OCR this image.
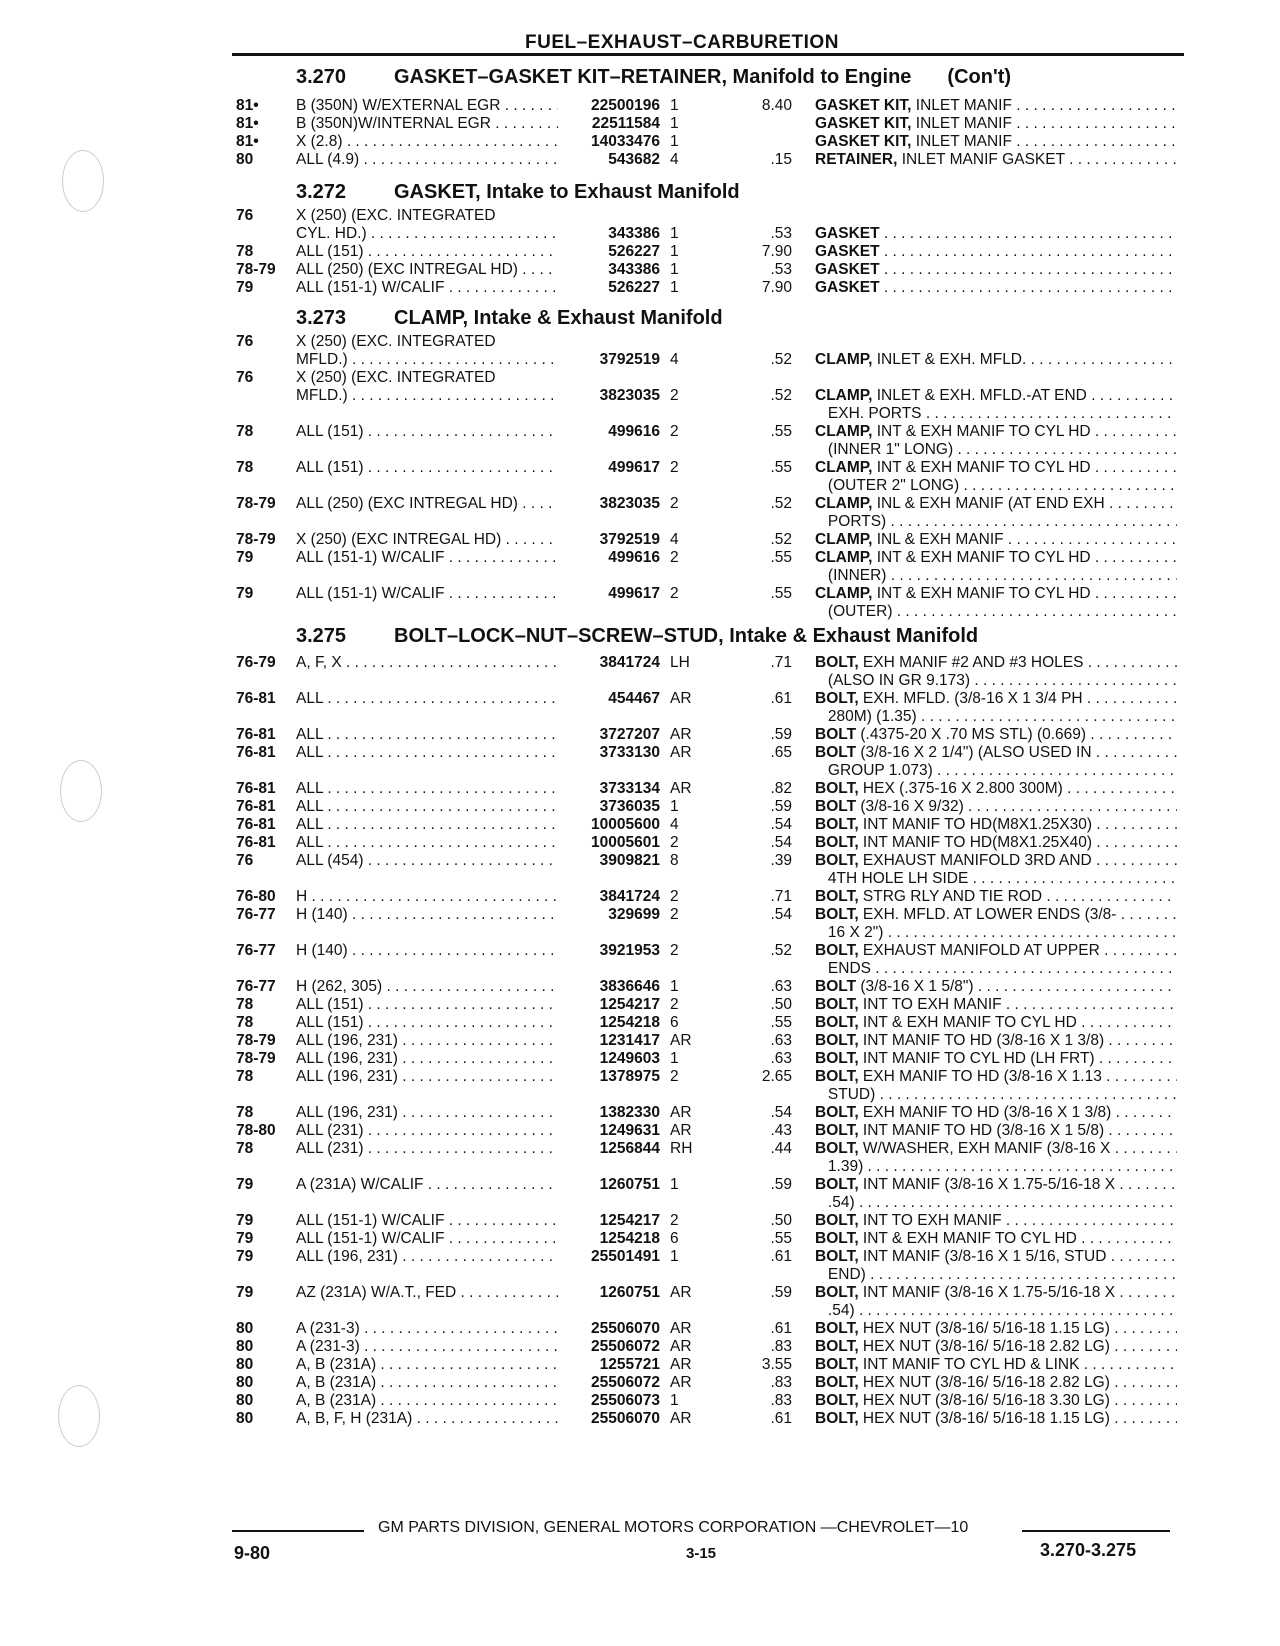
FUEL–EXHAUST–CARBURETION
3.270 GASKET–GASKET KIT–RETAINER, Manifold to Engine (Con't)
3.272 GASKET, Intake to Exhaust Manifold
3.273 CLAMP, Intake & Exhaust Manifold
3.275 BOLT–LOCK–NUT–SCREW–STUD, Intake & Exhaust Manifold
81• B (350N) W/EXTERNAL EGR . . .	22500196 1	8.40 GASKET KIT, INLET MANIF . . .
81• B (350N)W/INTERNAL EGR . . .	22511584 1	GASKET KIT, INLET MANIF . . .
81• X (2.8) . . .	14033476 1	GASKET KIT, INLET MANIF . . .
80	ALL (4.9) . . .	543682 4	.15 RETAINER, INLET MANIF GASKET . . .
76	X (250) (EXC. INTEGRATED
CYL. HD.) . . .	343386 1	.53 GASKET . . .
78	ALL (151) . . .	526227 1	7.90 GASKET . . .
78-79 ALL (250) (EXC INTREGAL HD) . . .	343386 1	.53 GASKET . . .
79	ALL (151-1) W/CALIF . . .	526227 1	7.90 GASKET . . .
76	X (250) (EXC. INTEGRATED
MFLD.) . . .	3792519 4	.52 CLAMP, INLET & EXH. MFLD. . . .
76	X (250) (EXC. INTEGRATED
MFLD.) . . .	3823035 2	.52 CLAMP, INLET & EXH. MFLD.-AT END . . .
EXH. PORTS . . .
78	ALL (151) . . .	499616 2	.55 CLAMP, INT & EXH MANIF TO CYL HD . . .
(INNER 1" LONG) . . .
78	ALL (151) . . .	499617 2	.55 CLAMP, INT & EXH MANIF TO CYL HD . . .
(OUTER 2" LONG) . . .
78-79 ALL (250) (EXC INTREGAL HD) . . .	3823035 2	.52 CLAMP, INL & EXH MANIF (AT END EXH . . .
PORTS) . . .
78-79 X (250) (EXC INTREGAL HD) . . .	3792519 4	.52 CLAMP, INL & EXH MANIF . . .
79	ALL (151-1) W/CALIF . . .	499616 2	.55 CLAMP, INT & EXH MANIF TO CYL HD . . .
(INNER) . . .
79	ALL (151-1) W/CALIF . . .	499617 2	.55 CLAMP, INT & EXH MANIF TO CYL HD . . .
(OUTER) . . .
76-79 A, F, X . . .	3841724 LH	.71 BOLT, EXH MANIF #2 AND #3 HOLES . . .
(ALSO IN GR 9.173) . . .
76-81 ALL . . .	454467 AR	.61 BOLT, EXH. MFLD. (3/8-16 X 1 3/4 PH . . .
280M) (1.35) . . .
76-81 ALL . . .	3727207 AR	.59 BOLT (.4375-20 X .70 MS STL) (0.669) . . .
76-81 ALL . . .	3733130 AR	.65 BOLT (3/8-16 X 2 1/4") (ALSO USED IN . . .
GROUP 1.073) . . .
76-81 ALL . . .	3733134 AR	.82 BOLT, HEX (.375-16 X 2.800 300M) . . .
76-81 ALL . . .	3736035 1	.59 BOLT (3/8-16 X 9/32) . . .
76-81 ALL . . .	10005600 4	.54 BOLT, INT MANIF TO HD(M8X1.25X30) . . .
76-81 ALL . . .	10005601 2	.54 BOLT, INT MANIF TO HD(M8X1.25X40) . . .
76	ALL (454) . . .	3909821 8	.39 BOLT, EXHAUST MANIFOLD 3RD AND . . .
4TH HOLE LH SIDE . . .
76-80 H . . .	3841724 2	.71 BOLT, STRG RLY AND TIE ROD . . .
76-77 H (140) . . .	329699 2	.54 BOLT, EXH. MFLD. AT LOWER ENDS (3/8- . . .
16 X 2") . . .
76-77 H (140) . . .	3921953 2	.52 BOLT, EXHAUST MANIFOLD AT UPPER . . .
ENDS . . .
76-77 H (262, 305) . . .	3836646 1	.63 BOLT (3/8-16 X 1 5/8") . . .
78	ALL (151) . . .	1254217 2	.50 BOLT, INT TO EXH MANIF . . .
78	ALL (151) . . .	1254218 6	.55 BOLT, INT & EXH MANIF TO CYL HD . . .
78-79 ALL (196, 231) . . .	1231417 AR	.63 BOLT, INT MANIF TO HD (3/8-16 X 1 3/8) . . .
78-79 ALL (196, 231) . . .	1249603 1	.63 BOLT, INT MANIF TO CYL HD (LH FRT) . . .
78	ALL (196, 231) . . .	1378975 2	2.65 BOLT, EXH MANIF TO HD (3/8-16 X 1.13 . . .
STUD) . . .
78	ALL (196, 231) . . .	1382330 AR	.54 BOLT, EXH MANIF TO HD (3/8-16 X 1 3/8) . . .
78-80 ALL (231) . . .	1249631 AR	.43 BOLT, INT MANIF TO HD (3/8-16 X 1 5/8) . . .
78	ALL (231) . . .	1256844 RH	.44 BOLT, W/WASHER, EXH MANIF (3/8-16 X . . .
1.39) . . .
79	A (231A) W/CALIF . . .	1260751 1	.59 BOLT, INT MANIF (3/8-16 X 1.75-5/16-18 X . . .
.54) . . .
79	ALL (151-1) W/CALIF . . .	1254217 2	.50 BOLT, INT TO EXH MANIF . . .
79	ALL (151-1) W/CALIF . . .	1254218 6	.55 BOLT, INT & EXH MANIF TO CYL HD . . .
79	ALL (196, 231) . . .	25501491 1	.61 BOLT, INT MANIF (3/8-16 X 1 5/16, STUD . . .
END) . . .
79	AZ (231A) W/A.T., FED . . .	1260751 AR	.59 BOLT, INT MANIF (3/8-16 X 1.75-5/16-18 X . . .
.54) . . .
80	A (231-3) . . .	25506070 AR	.61 BOLT, HEX NUT (3/8-16/ 5/16-18 1.15 LG) . . .
80	A (231-3) . . .	25506072 AR	.83 BOLT, HEX NUT (3/8-16/ 5/16-18 2.82 LG) . . .
80	A, B (231A) . . .	1255721 AR	3.55 BOLT, INT MANIF TO CYL HD & LINK . . .
80	A, B (231A) . . .	25506072 AR	.83 BOLT, HEX NUT (3/8-16/ 5/16-18 2.82 LG) . . .
80	A, B (231A) . . .	25506073 1	.83 BOLT, HEX NUT (3/8-16/ 5/16-18 3.30 LG) . . .
80	A, B, F, H (231A) . . .	25506070 AR	.61 BOLT, HEX NUT (3/8-16/ 5/16-18 1.15 LG) . . .
GM PARTS DIVISION, GENERAL MOTORS CORPORATION —CHEVROLET—10
9-80	3-15	3.270-3.275
